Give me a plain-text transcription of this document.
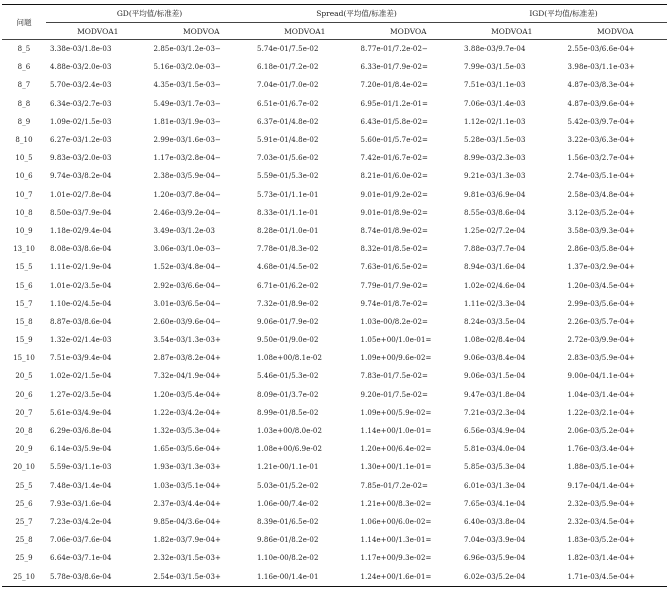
问题	GD(平均值/标准差)		Spread(平均值/标准差)		IGD(平均值/标准差)	
	MODVOA1	MODVOA	MODVOA1	MODVOA	MODVOA1	MODVOA
8_5	3.38e-03/1.8e-03	2.85e-03/1.2e-03−	5.74e-01/7.5e-02	8.77e-01/7.2e-02−	3.88e-03/9.7e-04	2.55e-03/6.6e-04+
8_6	4.88e-03/2.0e-03	5.16e-03/2.0e-03−	6.18e-01/7.2e-02	6.33e-01/7.9e-02=	7.99e-03/1.5e-03	3.98e-03/1.1e-03+
8_7	5.70e-03/2.4e-03	4.35e-03/1.5e-03−	7.04e-01/7.0e-02	7.20e-01/8.4e-02=	7.51e-03/1.1e-03	4.87e-03/8.3e-04+
8_8	6.34e-03/2.7e-03	5.49e-03/1.7e-03−	6.51e-01/6.7e-02	6.95e-01/1.2e-01=	7.06e-03/1.4e-03	4.87e-03/9.6e-04+
8_9	1.09e-02/1.5e-03	1.81e-03/1.9e-03−	6.37e-01/4.8e-02	6.43e-01/5.8e-02=	1.12e-02/1.1e-03	5.42e-03/9.7e-04+
8_10	6.27e-03/1.2e-03	2.99e-03/1.6e-03−	5.91e-01/4.8e-02	5.60e-01/5.7e-02=	5.28e-03/1.5e-03	3.22e-03/6.3e-04+
10_5	9.83e-03/2.0e-03	1.17e-03/2.8e-04−	7.03e-01/5.6e-02	7.42e-01/6.7e-02=	8.99e-03/2.3e-03	1.56e-03/2.7e-04+
10_6	9.74e-03/8.2e-04	2.38e-03/5.9e-04−	5.59e-01/5.3e-02	8.21e-01/6.0e-02=	9.21e-03/1.3e-03	2.74e-03/5.1e-04+
10_7	1.01e-02/7.8e-04	1.20e-03/7.8e-04−	5.73e-01/1.1e-01	9.01e-01/9.2e-02=	9.81e-03/6.9e-04	2.58e-03/4.8e-04+
10_8	8.50e-03/7.9e-04	2.46e-03/9.2e-04−	8.33e-01/1.1e-01	9.01e-01/8.9e-02=	8.55e-03/8.6e-04	3.12e-03/5.2e-04+
10_9	1.18e-02/9.4e-04	3.49e-03/1.2e-03	8.28e-01/1.0e-01	8.74e-01/8.9e-02=	1.25e-02/7.2e-04	3.58e-03/9.3e-04+
13_10	8.08e-03/8.6e-04	3.06e-03/1.0e-03−	7.78e-01/8.3e-02	8.32e-01/8.5e-02=	7.88e-03/7.7e-04	2.86e-03/5.8e-04+
15_5	1.11e-02/1.9e-04	1.52e-03/4.8e-04−	4.68e-01/4.5e-02	7.63e-01/6.5e-02=	8.94e-03/1.6e-04	1.37e-03/2.9e-04+
15_6	1.01e-02/3.5e-04	2.92e-03/6.6e-04−	6.71e-01/6.2e-02	7.79e-01/7.9e-02=	1.02e-02/4.6e-04	1.20e-03/4.5e-04+
15_7	1.10e-02/4.5e-04	3.01e-03/6.5e-04−	7.32e-01/8.9e-02	9.74e-01/8.7e-02=	1.11e-02/3.3e-04	2.99e-03/5.6e-04+
15_8	8.87e-03/8.6e-04	2.60e-03/9.6e-04−	9.06e-01/7.9e-02	1.03e-00/8.2e-02=	8.24e-03/3.5e-04	2.26e-03/5.7e-04+
15_9	1.32e-02/1.4e-03	3.54e-03/1.3e-03+	9.50e-01/9.0e-02	1.05e+00/1.0e-01=	1.08e-02/8.4e-04	2.72e-03/9.9e-04+
15_10	7.51e-03/9.4e-04	2.87e-03/8.2e-04+	1.08e+00/8.1e-02	1.09e+00/9.6e-02=	9.06e-03/8.4e-04	2.83e-03/5.9e-04+
20_5	1.02e-02/1.5e-04	7.32e-04/1.9e-04+	5.46e-01/5.3e-02	7.83e-01/7.5e-02=	9.06e-03/1.5e-04	9.00e-04/1.1e-04+
20_6	1.27e-02/3.5e-04	1.20e-03/5.4e-04+	8.09e-01/3.7e-02	9.20e-01/7.5e-02=	9.47e-03/1.8e-04	1.04e-03/1.4e-04+
20_7	5.61e-03/4.9e-04	1.22e-03/4.2e-04+	8.99e-01/8.5e-02	1.09e+00/5.9e-02=	7.21e-03/2.3e-04	1.22e-03/2.1e-04+
20_8	6.29e-03/6.8e-04	1.32e-03/5.3e-04+	1.03e+00/8.0e-02	1.14e+00/1.0e-01=	6.56e-03/4.9e-04	2.06e-03/5.2e-04+
20_9	6.14e-03/5.9e-04	1.65e-03/5.6e-04+	1.08e+00/6.9e-02	1.20e+00/6.4e-02=	5.81e-03/4.0e-04	1.76e-03/3.4e-04+
20_10	5.59e-03/1.1e-03	1.93e-03/1.3e-03+	1.21e-00/1.1e-01	1.30e+00/1.1e-01=	5.85e-03/5.3e-04	1.88e-03/5.1e-04+
25_5	7.48e-03/1.4e-04	1.03e-03/5.1e-04+	5.03e-01/5.2e-02	7.85e-01/7.2e-02=	6.01e-03/1.3e-04	9.17e-04/1.4e-04+
25_6	7.93e-03/1.6e-04	2.37e-03/4.4e-04+	1.06e-00/7.4e-02	1.21e+00/8.3e-02=	7.65e-03/4.1e-04	2.32e-03/5.9e-04+
25_7	7.23e-03/4.2e-04	9.85e-04/3.6e-04+	8.39e-01/6.5e-02	1.06e+00/6.0e-02=	6.40e-03/3.8e-04	2.32e-03/4.5e-04+
25_8	7.06e-03/7.6e-04	1.82e-03/7.9e-04+	9.86e-01/8.2e-02	1.14e+00/1.3e-01=	7.04e-03/3.9e-04	1.83e-03/5.2e-04+
25_9	6.64e-03/7.1e-04	2.32e-03/1.5e-03+	1.10e-00/8.2e-02	1.17e+00/9.3e-02=	6.96e-03/5.9e-04	1.82e-03/1.4e-04+
25_10	5.78e-03/8.6e-04	2.54e-03/1.5e-03+	1.16e-00/1.4e-01	1.24e+00/1.6e-01=	6.02e-03/5.2e-04	1.71e-03/4.5e-04+
